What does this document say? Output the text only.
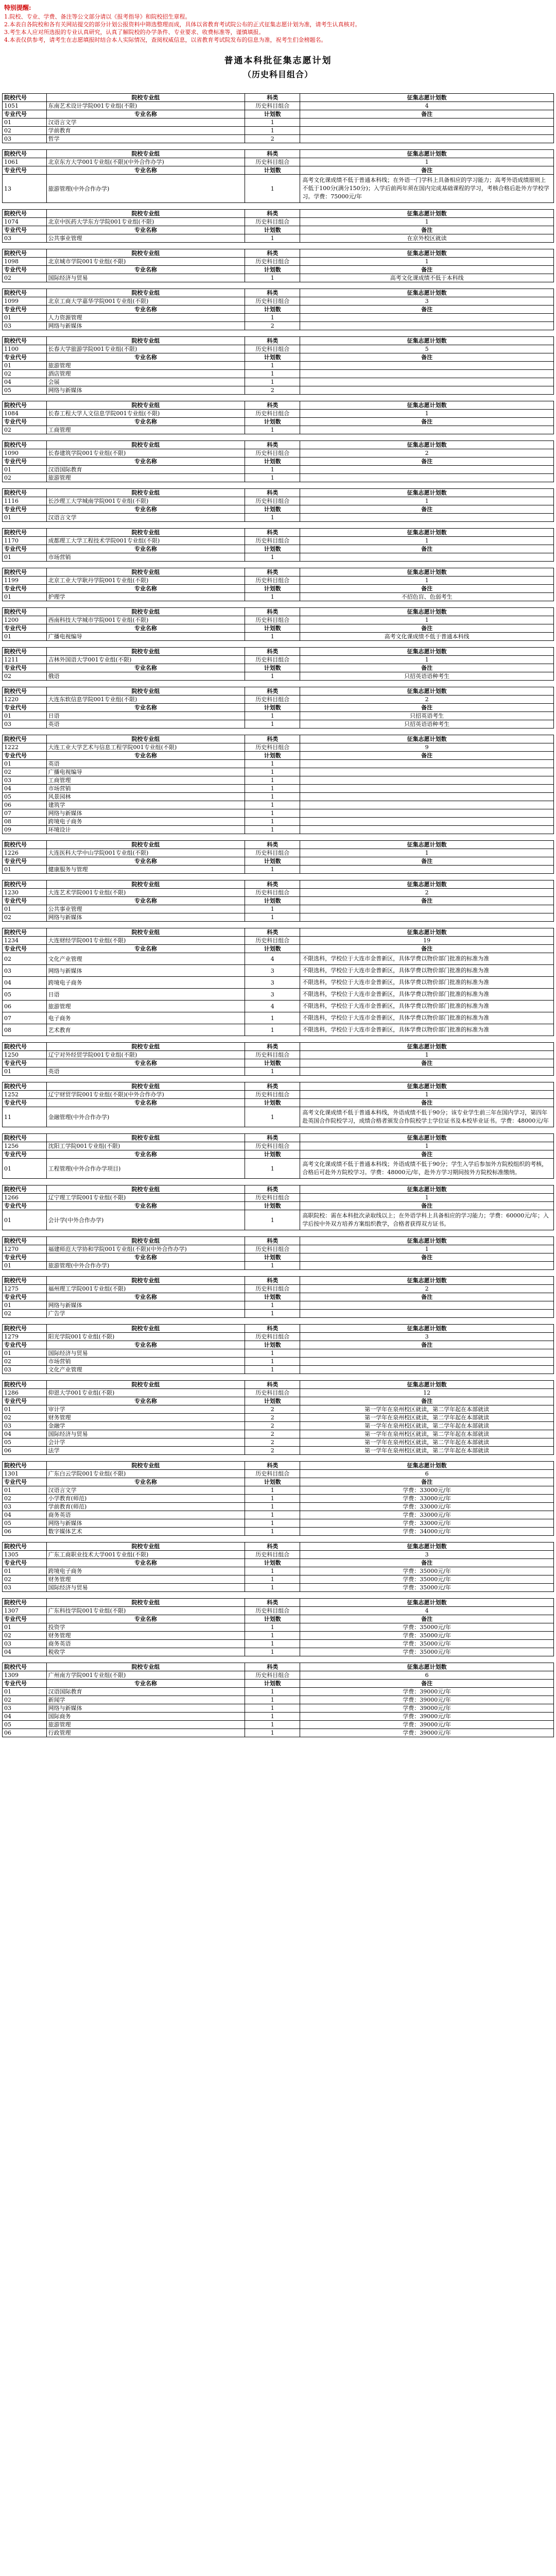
特别提醒:
1.院校、专业、学费、备注等公文部分请以《报考指导》和院校招生章程。
2.本表自各院校和各有关网站提交的部分计划公报资料中筛选整理而成，具体以省教育考试院公布的正式征集志愿计划为准，请考生认真核对。
3.考生本人应对所选报的专业认真研究，认真了解院校的办学条件、专业要求、收费标准等，谨慎填报。
4.本表仅供参考，请考生在志愿填报时结合本人实际情况，查阅权威信息，以省教育考试院发布的信息为准，祝考生们金榜题名。
普通本科批征集志愿计划
（历史科目组合）
院校代号	院校专业组	科类	征集志愿计划数
1051	东南艺术设计学院001专业组(不限)	历史科目组合	4
专业代号	专业名称	计划数	备注
01	汉语言文学	1	
02	学前教育	1	
03	哲学	2	
院校代号	院校专业组	科类	征集志愿计划数
1061	北京东方大学001专业组(不限)(中外合作办学)	历史科目组合	1
专业代号	专业名称	计划数	备注
13	旅游管理(中外合作办学)	1	高考文化课成绩不低于普通本科线；在外语一门学科上具备相应的学习能力；高考外语成绩原则上不低于100分(满分150分)；入学后前两年须在国内完成基础课程的学习，考核合格后赴外方学校学习。学费：75000元/年
院校代号	院校专业组	科类	征集志愿计划数
1074	北京中医药大学东方学院001专业组(不限)	历史科目组合	1
专业代号	专业名称	计划数	备注
03	公共事业管理	1	在京外校区就读
院校代号	院校专业组	科类	征集志愿计划数
1098	北京城市学院001专业组(不限)	历史科目组合	1
专业代号	专业名称	计划数	备注
02	国际经济与贸易	1	高考文化课成绩不低于本科线
院校代号	院校专业组	科类	征集志愿计划数
1099	北京工商大学嘉华学院001专业组(不限)	历史科目组合	3
专业代号	专业名称	计划数	备注
01	人力资源管理	1	
03	网络与新媒体	2	
院校代号	院校专业组	科类	征集志愿计划数
1100	长春大学旅游学院001专业组(不限)	历史科目组合	5
专业代号	专业名称	计划数	备注
01	旅游管理	1	
02	酒店管理	1	
04	会展	1	
05	网络与新媒体	2	
院校代号	院校专业组	科类	征集志愿计划数
1084	长春工程大学人文信息学院001专业组(不限)	历史科目组合	1
专业代号	专业名称	计划数	备注
02	工商管理	1	
院校代号	院校专业组	科类	征集志愿计划数
1090	长春建筑学院001专业组(不限)	历史科目组合	2
专业代号	专业名称	计划数	备注
01	汉语国际教育	1	
02	旅游管理	1	
院校代号	院校专业组	科类	征集志愿计划数
1116	长沙理工大学城南学院001专业组(不限)	历史科目组合	1
专业代号	专业名称	计划数	备注
01	汉语言文学	1	
院校代号	院校专业组	科类	征集志愿计划数
1170	成都理工大学工程技术学院001专业组(不限)	历史科目组合	1
专业代号	专业名称	计划数	备注
01	市场营销	1	
院校代号	院校专业组	科类	征集志愿计划数
1199	北京工业大学耿丹学院001专业组(不限)	历史科目组合	1
专业代号	专业名称	计划数	备注
01	护理学	1	不招色盲、色弱考生
院校代号	院校专业组	科类	征集志愿计划数
1200	西南科技大学城市学院001专业组(不限)	历史科目组合	1
专业代号	专业名称	计划数	备注
01	广播电视编导	1	高考文化课成绩不低于普通本科线
院校代号	院校专业组	科类	征集志愿计划数
1211	吉林外国语大学001专业组(不限)	历史科目组合	1
专业代号	专业名称	计划数	备注
02	俄语	1	只招英语语种考生
院校代号	院校专业组	科类	征集志愿计划数
1220	大连东软信息学院001专业组(不限)	历史科目组合	2
专业代号	专业名称	计划数	备注
01	日语	1	只招英语考生
03	英语	1	只招英语语种考生
院校代号	院校专业组	科类	征集志愿计划数
1222	大连工业大学艺术与信息工程学院001专业组(不限)	历史科目组合	9
专业代号	专业名称	计划数	备注
01	英语	1	
02	广播电视编导	1	
03	工商管理	1	
04	市场营销	1	
05	风景园林	1	
06	建筑学	1	
07	网络与新媒体	1	
08	跨境电子商务	1	
09	环境设计	1	
院校代号	院校专业组	科类	征集志愿计划数
1226	大连医科大学中山学院001专业组(不限)	历史科目组合	1
专业代号	专业名称	计划数	备注
01	健康服务与管理	1	
院校代号	院校专业组	科类	征集志愿计划数
1230	大连艺术学院001专业组(不限)	历史科目组合	2
专业代号	专业名称	计划数	备注
01	公共事业管理	1	
02	网络与新媒体	1	
院校代号	院校专业组	科类	征集志愿计划数
1234	大连财经学院001专业组(不限)	历史科目组合	19
专业代号	专业名称	计划数	备注
02	文化产业管理	4	不限选科，学校位于大连市金普新区，具体学费以物价部门批准的标准为准
03	网络与新媒体	3	不限选科，学校位于大连市金普新区，具体学费以物价部门批准的标准为准
04	跨境电子商务	3	不限选科，学校位于大连市金普新区，具体学费以物价部门批准的标准为准
05	日语	3	不限选科，学校位于大连市金普新区，具体学费以物价部门批准的标准为准
06	旅游管理	4	不限选科，学校位于大连市金普新区，具体学费以物价部门批准的标准为准
07	电子商务	1	不限选科，学校位于大连市金普新区，具体学费以物价部门批准的标准为准
08	艺术教育	1	不限选科，学校位于大连市金普新区，具体学费以物价部门批准的标准为准
院校代号	院校专业组	科类	征集志愿计划数
1250	辽宁对外经贸学院001专业组(不限)	历史科目组合	1
专业代号	专业名称	计划数	备注
01	英语	1	
院校代号	院校专业组	科类	征集志愿计划数
1252	辽宁财贸学院001专业组(不限)(中外合作办学)	历史科目组合	1
专业代号	专业名称	计划数	备注
11	金融管理(中外合作办学)	1	高考文化课成绩不低于普通本科线，外语成绩不低于90分；该专业学生前三年在国内学习，第四年赴英国合作院校学习，成绩合格者颁发合作院校学士学位证书及本校毕业证书。学费：48000元/年
院校代号	院校专业组	科类	征集志愿计划数
1256	沈阳工学院001专业组(不限)	历史科目组合	1
专业代号	专业名称	计划数	备注
01	工程管理(中外合作办学项目)	1	高考文化课成绩不低于普通本科线；外语成绩不低于90分；学生入学后参加外方院校组织的考核，合格后可赴外方院校学习。学费：48000元/年，赴外方学习期间按外方院校标准缴纳。
院校代号	院校专业组	科类	征集志愿计划数
1266	辽宁理工学院001专业组(不限)	历史科目组合	1
专业代号	专业名称	计划数	备注
01	会计学(中外合作办学)	1	高职院校：需在本科批次录取线以上；在外语学科上具备相应的学习能力；学费：60000元/年；入学后按中外双方培养方案组织教学，合格者获得双方证书。
院校代号	院校专业组	科类	征集志愿计划数
1270	福建师范大学协和学院001专业组(不限)(中外合作办学)	历史科目组合	1
专业代号	专业名称	计划数	备注
01	旅游管理(中外合作办学)	1	
院校代号	院校专业组	科类	征集志愿计划数
1275	福州理工学院001专业组(不限)	历史科目组合	2
专业代号	专业名称	计划数	备注
01	网络与新媒体	1	
02	广告学	1	
院校代号	院校专业组	科类	征集志愿计划数
1279	阳光学院001专业组(不限)	历史科目组合	3
专业代号	专业名称	计划数	备注
01	国际经济与贸易	1	
02	市场营销	1	
03	文化产业管理	1	
院校代号	院校专业组	科类	征集志愿计划数
1286	仰恩大学001专业组(不限)	历史科目组合	12
专业代号	专业名称	计划数	备注
01	审计学	2	第一学年在泉州校区就读，第二学年起在本部就读
02	财务管理	2	第一学年在泉州校区就读，第二学年起在本部就读
03	金融学	2	第一学年在泉州校区就读，第二学年起在本部就读
04	国际经济与贸易	2	第一学年在泉州校区就读，第二学年起在本部就读
05	会计学	2	第一学年在泉州校区就读，第二学年起在本部就读
06	法学	2	第一学年在泉州校区就读，第二学年起在本部就读
院校代号	院校专业组	科类	征集志愿计划数
1301	广东白云学院001专业组(不限)	历史科目组合	6
专业代号	专业名称	计划数	备注
01	汉语言文学	1	学费：33000元/年
02	小学教育(师范)	1	学费：33000元/年
03	学前教育(师范)	1	学费：33000元/年
04	商务英语	1	学费：33000元/年
05	网络与新媒体	1	学费：33000元/年
06	数字媒体艺术	1	学费：34000元/年
院校代号	院校专业组	科类	征集志愿计划数
1305	广东工商职业技术大学001专业组(不限)	历史科目组合	3
专业代号	专业名称	计划数	备注
01	跨境电子商务	1	学费：35000元/年
02	财务管理	1	学费：35000元/年
03	国际经济与贸易	1	学费：35000元/年
院校代号	院校专业组	科类	征集志愿计划数
1307	广东科技学院001专业组(不限)	历史科目组合	4
专业代号	专业名称	计划数	备注
01	投资学	1	学费：35000元/年
02	财务管理	1	学费：35000元/年
03	商务英语	1	学费：35000元/年
04	税收学	1	学费：35000元/年
院校代号	院校专业组	科类	征集志愿计划数
1309	广州南方学院001专业组(不限)	历史科目组合	6
专业代号	专业名称	计划数	备注
01	汉语国际教育	1	学费：39000元/年
02	新闻学	1	学费：39000元/年
03	网络与新媒体	1	学费：39000元/年
04	国际商务	1	学费：39000元/年
05	旅游管理	1	学费：39000元/年
06	行政管理	1	学费：39000元/年
